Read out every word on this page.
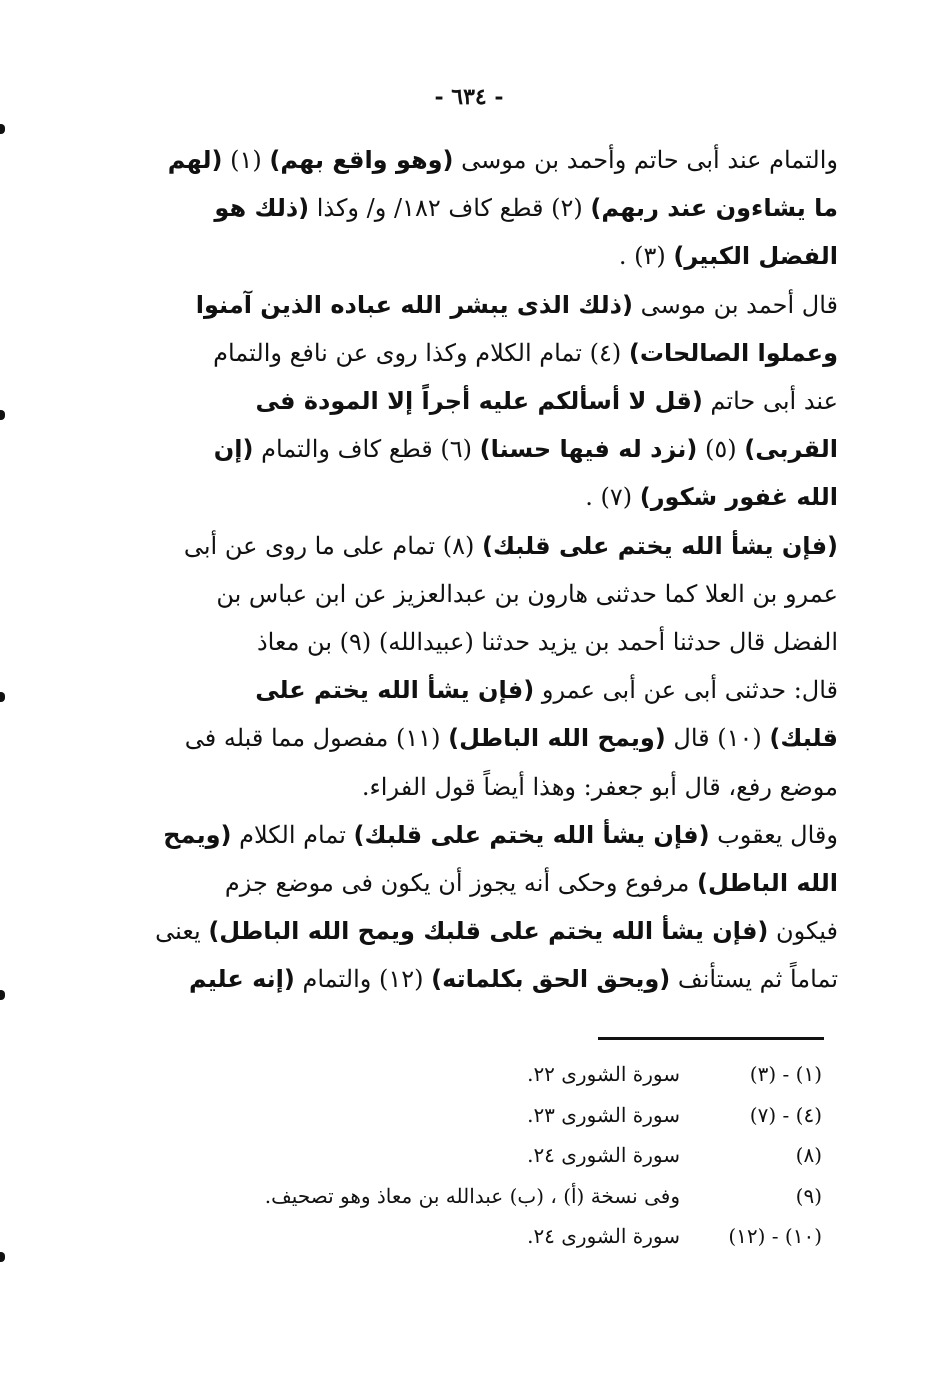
- ٦٣٤ -
والتمام عند أبى حاتم وأحمد بن موسى (وهو واقع بهم) (١) (لهم
ما يشاءون عند ربهم) (٢) قطع كاف ١٨٢/ و/ وكذا (ذلك هو
الفضل الكبير) (٣) .
قال أحمد بن موسى (ذلك الذى يبشر الله عباده الذين آمنوا
وعملوا الصالحات) (٤) تمام الكلام وكذا روى عن نافع والتمام
عند أبى حاتم (قل لا أسألكم عليه أجراً إلا المودة فى
القربى) (٥) (نزد له فيها حسنا) (٦) قطع كاف والتمام (إن
الله غفور شكور) (٧) .
(فإن يشأ الله يختم على قلبك) (٨) تمام على ما روى عن أبى
عمرو بن العلا كما حدثنى هارون بن عبدالعزيز عن ابن عباس بن
الفضل قال حدثنا أحمد بن يزيد حدثنا (عبيدالله) (٩) بن معاذ
قال: حدثنى أبى عن أبى عمرو (فإن يشأ الله يختم على
قلبك) (١٠) قال (ويمح الله الباطل) (١١) مفصول مما قبله فى
موضع رفع، قال أبو جعفر: وهذا أيضاً قول الفراء.
وقال يعقوب (فإن يشأ الله يختم على قلبك) تمام الكلام (ويمح
الله الباطل) مرفوع وحكى أنه يجوز أن يكون فى موضع جزم
فيكون (فإن يشأ الله يختم على قلبك ويمح الله الباطل) يعنى
تماماً ثم يستأنف (ويحق الحق بكلماته) (١٢) والتمام (إنه عليم
(١) - (٣)
سورة الشورى ٢٢.
(٤) - (٧)
سورة الشورى ٢٣.
(٨)
سورة الشورى ٢٤.
(٩)
وفى نسخة (أ) ، (ب) عبدالله بن معاذ وهو تصحيف.
(١٠) - (١٢)
سورة الشورى ٢٤.
